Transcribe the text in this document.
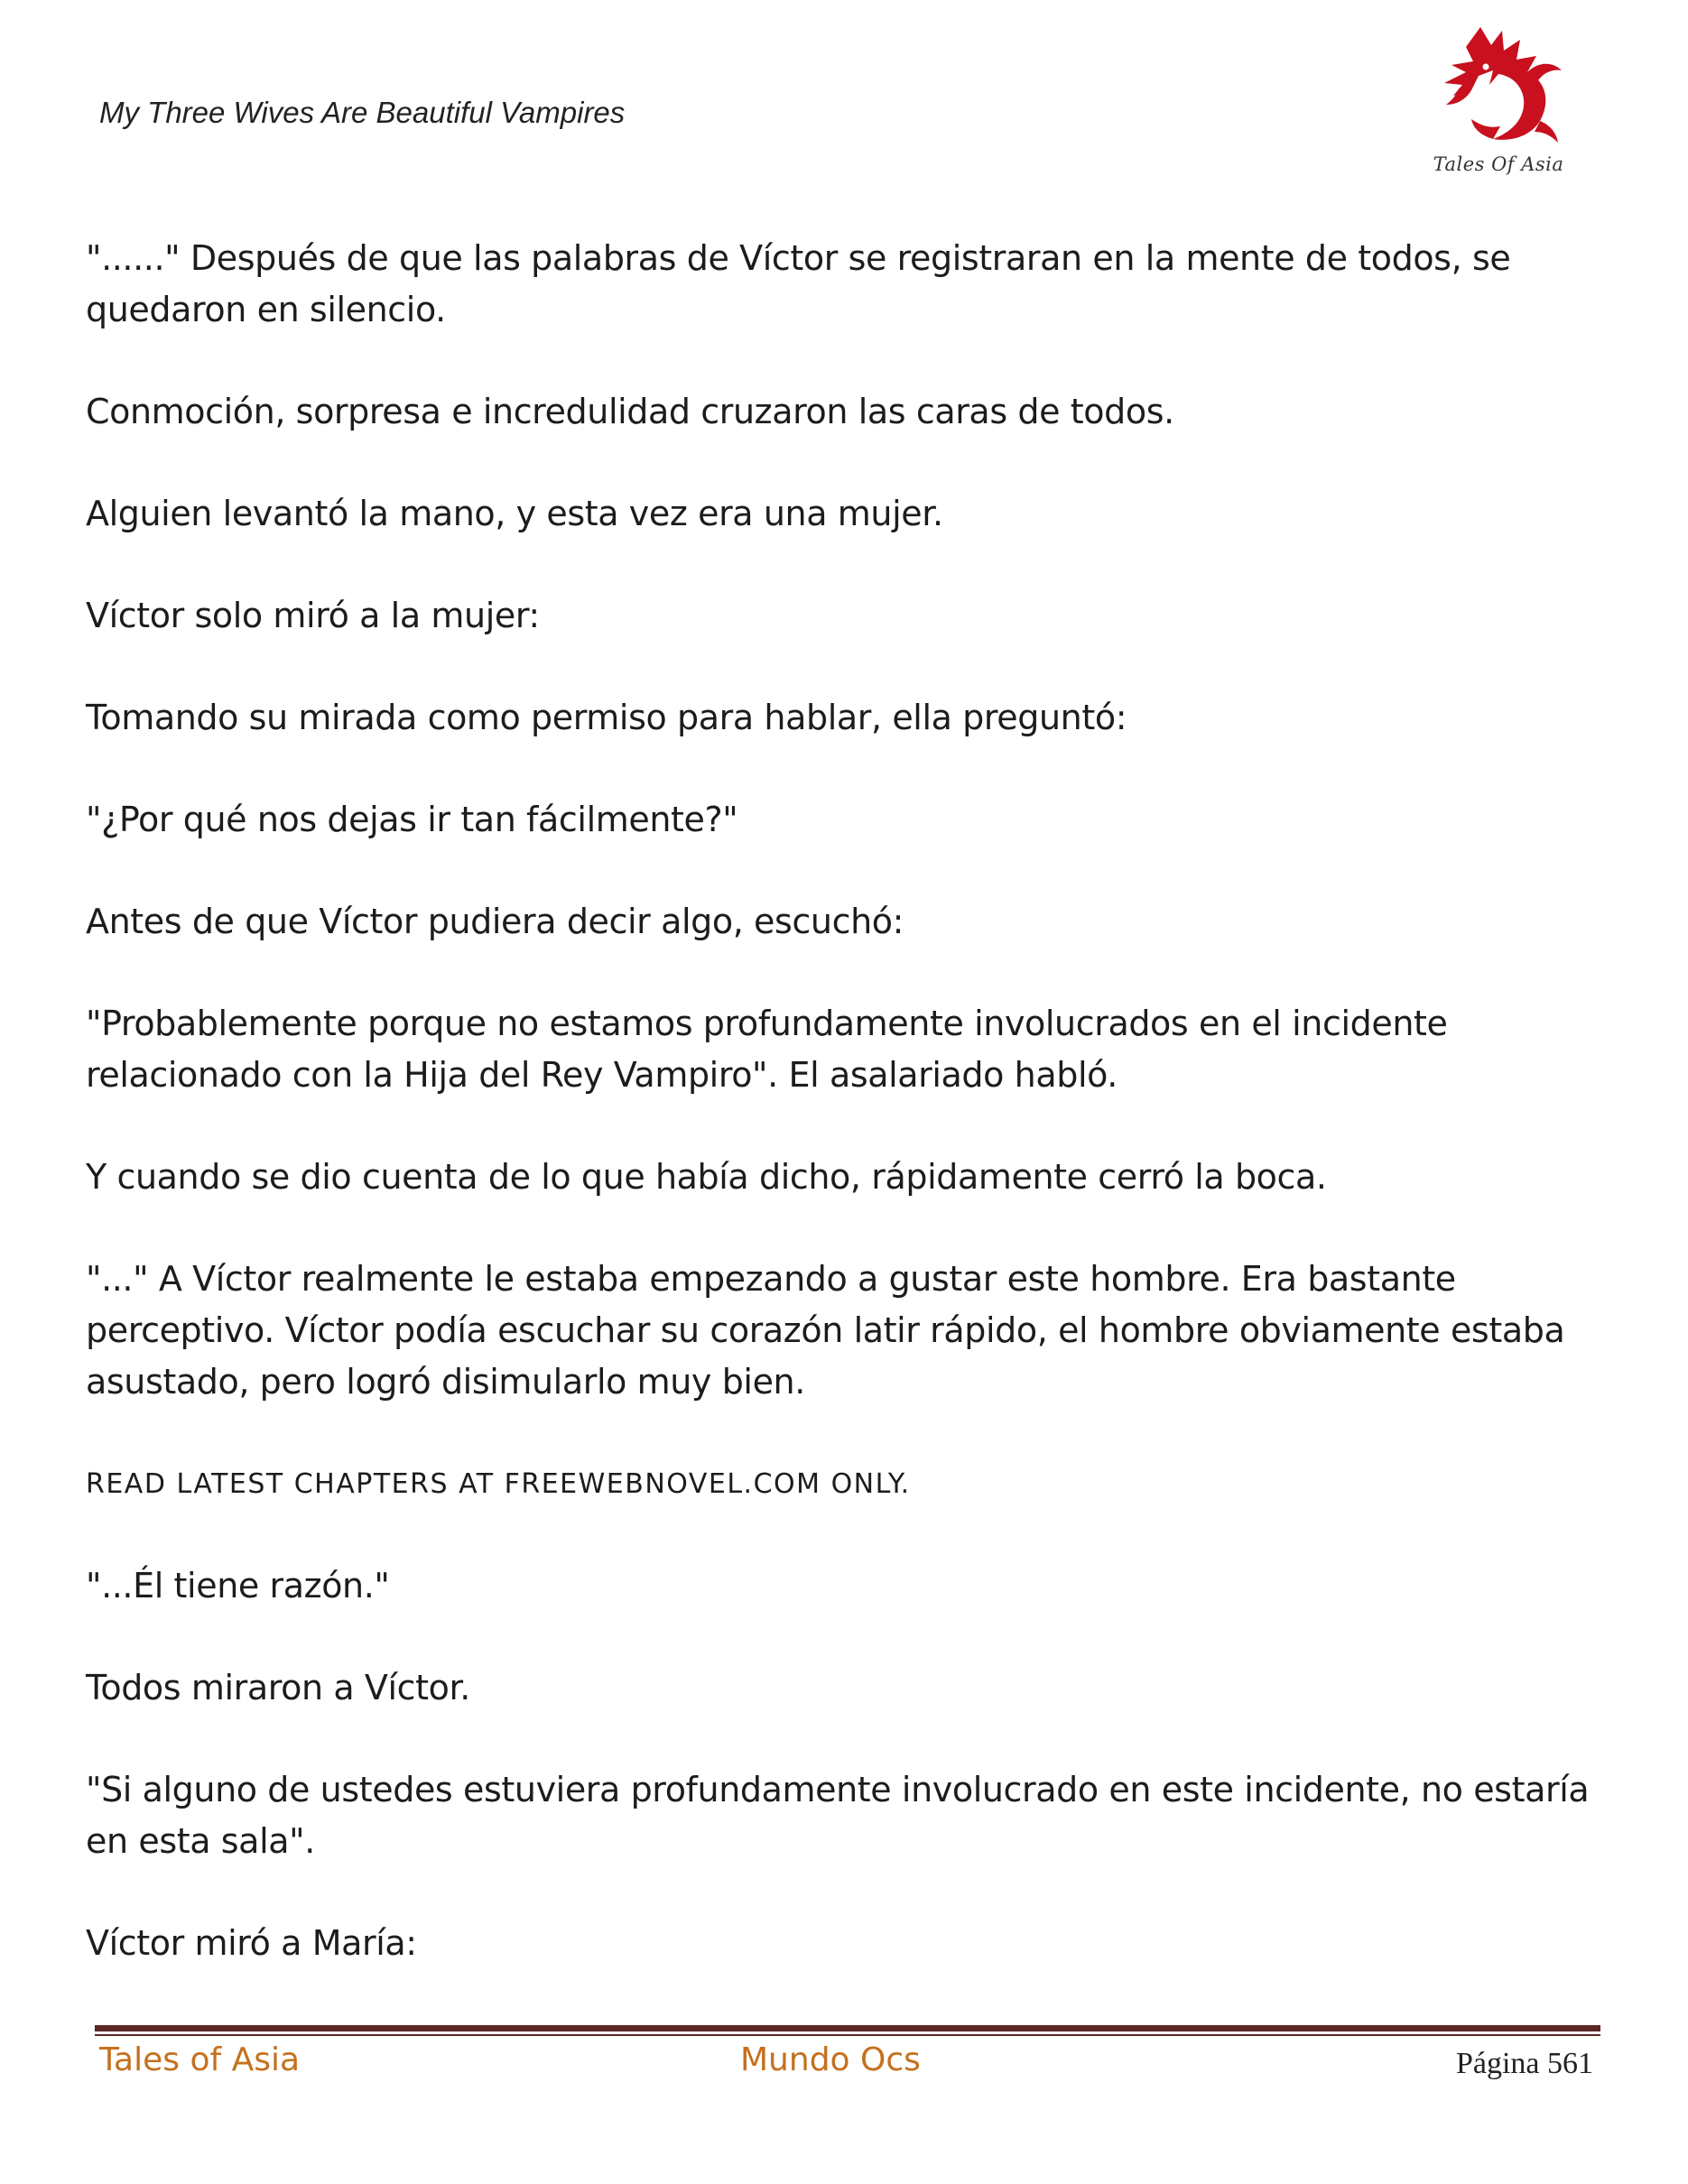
My Three Wives Are Beautiful Vampires
Tales Of Asia

"......" Después de que las palabras de Víctor se registraran en la mente de todos, se quedaron en silencio.

Conmoción, sorpresa e incredulidad cruzaron las caras de todos.

Alguien levantó la mano, y esta vez era una mujer.

Víctor solo miró a la mujer:

Tomando su mirada como permiso para hablar, ella preguntó:

"¿Por qué nos dejas ir tan fácilmente?"

Antes de que Víctor pudiera decir algo, escuchó:

"Probablemente porque no estamos profundamente involucrados en el incidente relacionado con la Hija del Rey Vampiro". El asalariado habló.

Y cuando se dio cuenta de lo que había dicho, rápidamente cerró la boca.

"..." A Víctor realmente le estaba empezando a gustar este hombre. Era bastante perceptivo. Víctor podía escuchar su corazón latir rápido, el hombre obviamente estaba asustado, pero logró disimularlo muy bien.

READ LATEST CHAPTERS AT FREEWEBNOVEL.COM ONLY.

"...Él tiene razón."

Todos miraron a Víctor.

"Si alguno de ustedes estuviera profundamente involucrado en este incidente, no estaría en esta sala".

Víctor miró a María:

Tales of Asia	Mundo Ocs	Página 561
